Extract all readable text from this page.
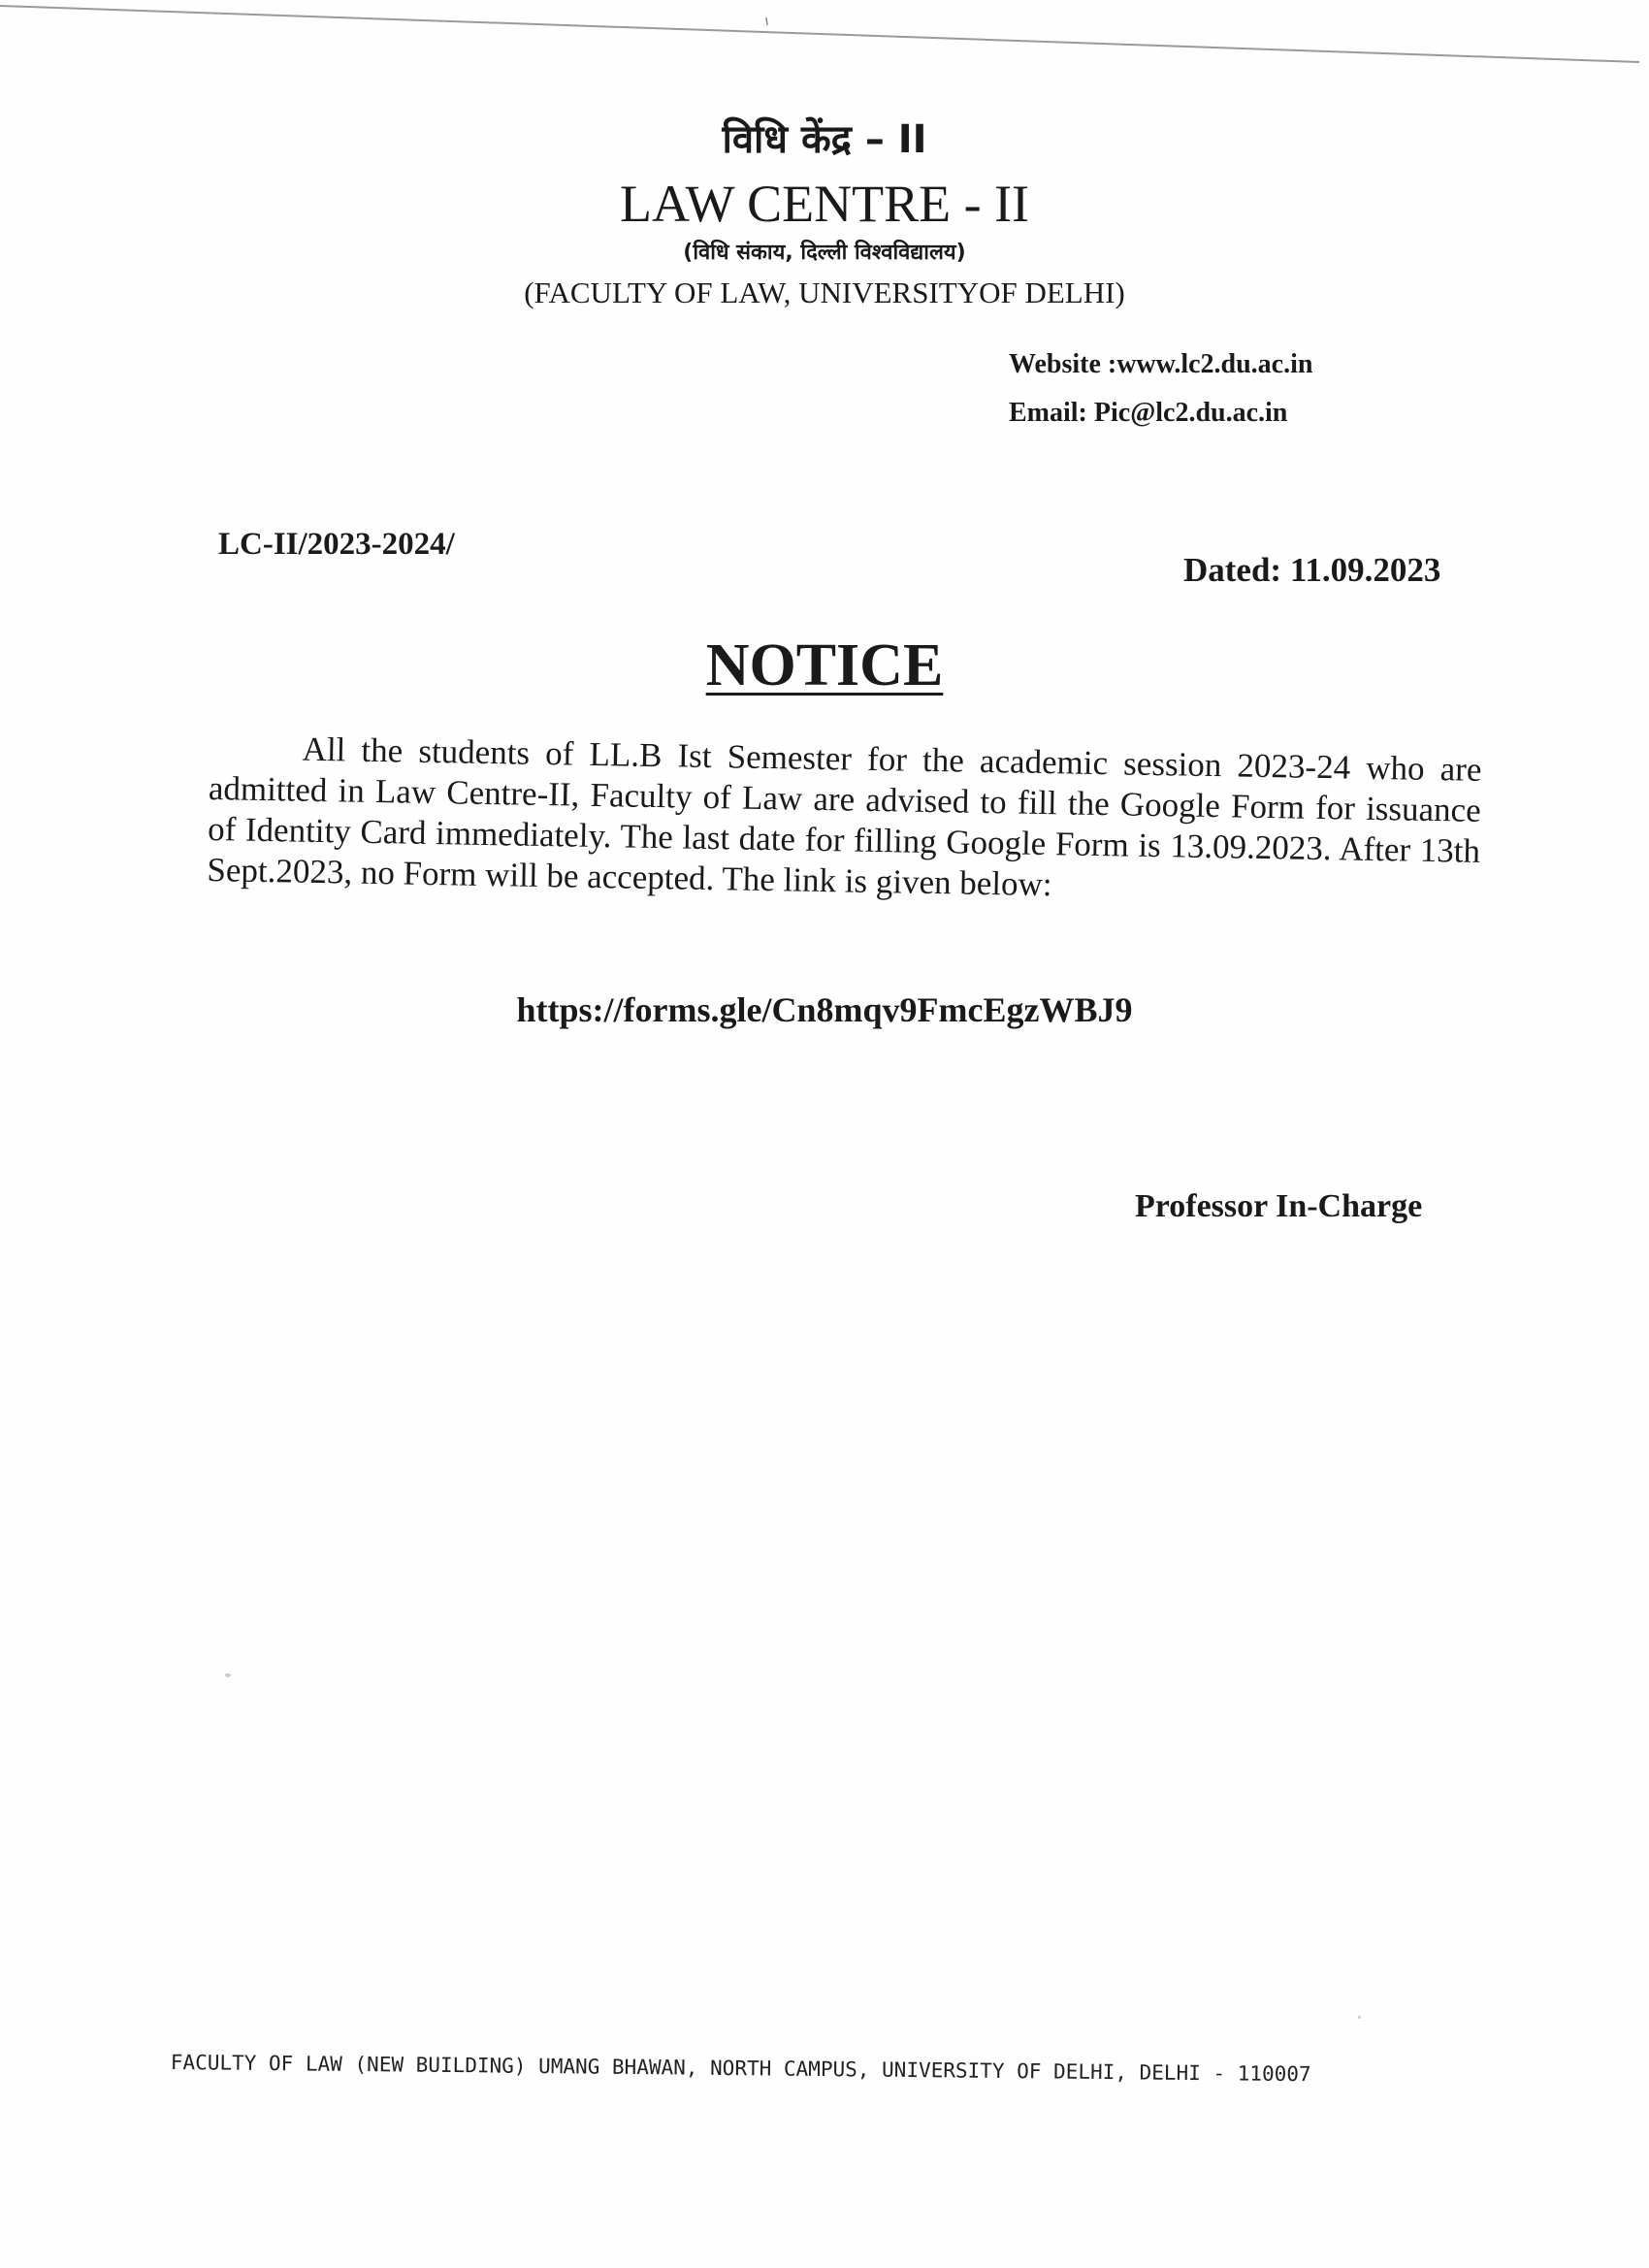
विधि केंद्र – II
LAW CENTRE - II
(विधि संकाय, दिल्ली विश्वविद्यालय)
(FACULTY OF LAW, UNIVERSITYOF DELHI)
Website :www.lc2.du.ac.in
Email: Pic@lc2.du.ac.in
LC-II/2023-2024/
Dated: 11.09.2023
NOTICE

All the students of LL.B Ist Semester for the academic session 2023-24 who are admitted in Law Centre-II, Faculty of Law are advised to fill the Google Form for issuance of Identity Card immediately. The last date for filling Google Form is 13.09.2023. After 13th Sept.2023, no Form will be accepted. The link is given below:

https://forms.gle/Cn8mqv9FmcEgzWBJ9
Professor In-Charge
FACULTY OF LAW (NEW BUILDING) UMANG BHAWAN, NORTH CAMPUS, UNIVERSITY OF DELHI, DELHI - 110007
